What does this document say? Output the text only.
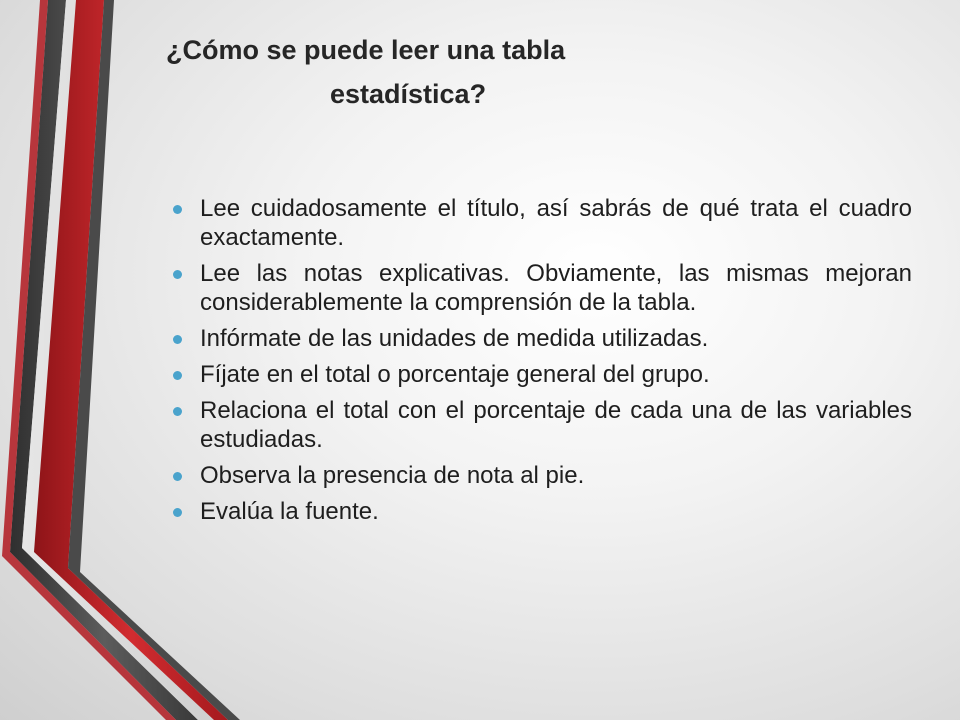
¿Cómo se puede leer una tabla
estadística?
Lee cuidadosamente el título, así sabrás de qué trata el cuadro exactamente.
Lee las notas explicativas. Obviamente, las mismas mejoran considerablemente la comprensión de la tabla.
Infórmate de las unidades de medida utilizadas.
Fíjate en el total o porcentaje general del grupo.
Relaciona el total con el porcentaje de cada una de las variables estudiadas.
Observa la presencia de nota al pie.
Evalúa la fuente.
